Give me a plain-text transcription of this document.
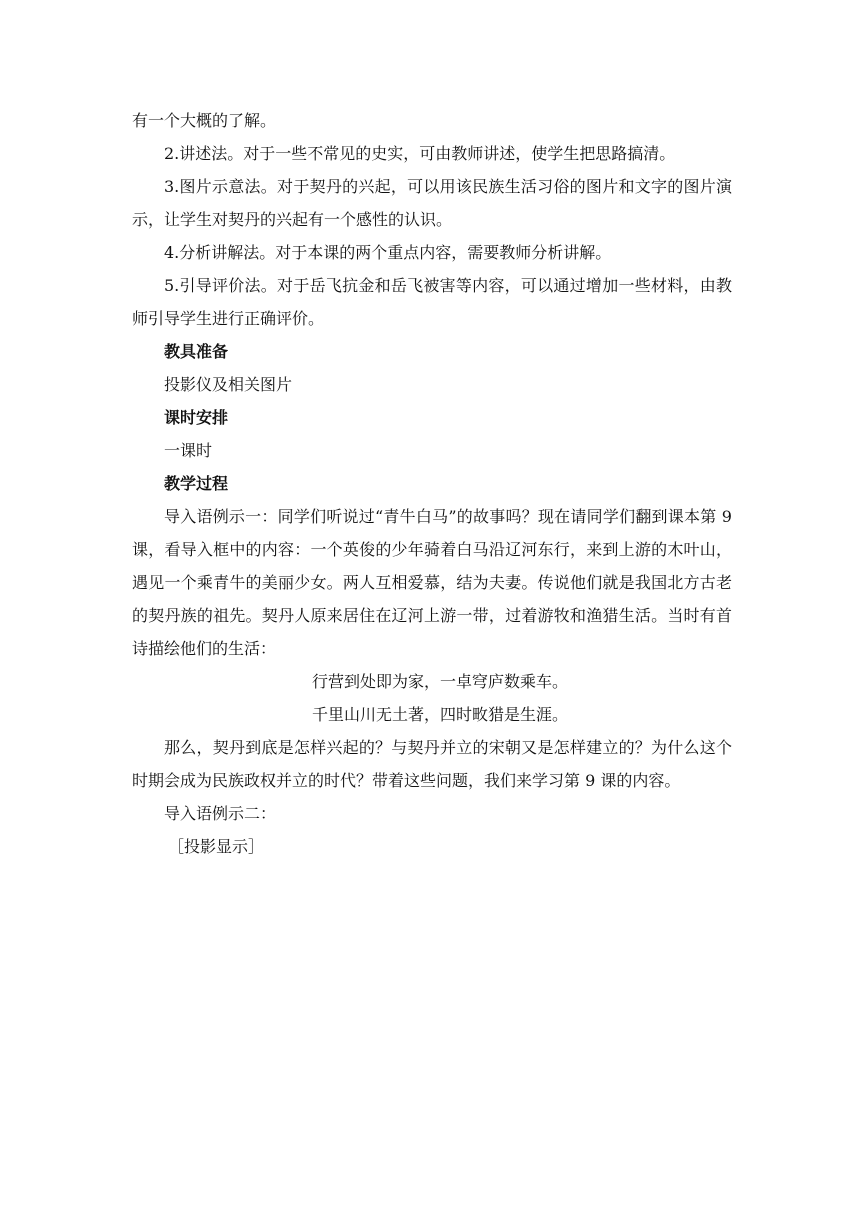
有一个大概的了解。

2.讲述法。对于一些不常见的史实，可由教师讲述，使学生把思路搞清。

3.图片示意法。对于契丹的兴起，可以用该民族生活习俗的图片和文字的图片演示，让学生对契丹的兴起有一个感性的认识。

4.分析讲解法。对于本课的两个重点内容，需要教师分析讲解。

5.引导评价法。对于岳飞抗金和岳飞被害等内容，可以通过增加一些材料，由教师引导学生进行正确评价。

教具准备

投影仪及相关图片

课时安排

一课时

教学过程

导入语例示一：同学们听说过“青牛白马”的故事吗？现在请同学们翻到课本第 9 课，看导入框中的内容：一个英俊的少年骑着白马沿辽河东行，来到上游的木叶山，遇见一个乘青牛的美丽少女。两人互相爱慕，结为夫妻。传说他们就是我国北方古老的契丹族的祖先。契丹人原来居住在辽河上游一带，过着游牧和渔猎生活。当时有首诗描绘他们的生活：

行营到处即为家，一卓穹庐数乘车。

千里山川无土著，四时畋猎是生涯。

那么，契丹到底是怎样兴起的？与契丹并立的宋朝又是怎样建立的？为什么这个时期会成为民族政权并立的时代？带着这些问题，我们来学习第 9 课的内容。

导入语例示二：

［投影显示］
